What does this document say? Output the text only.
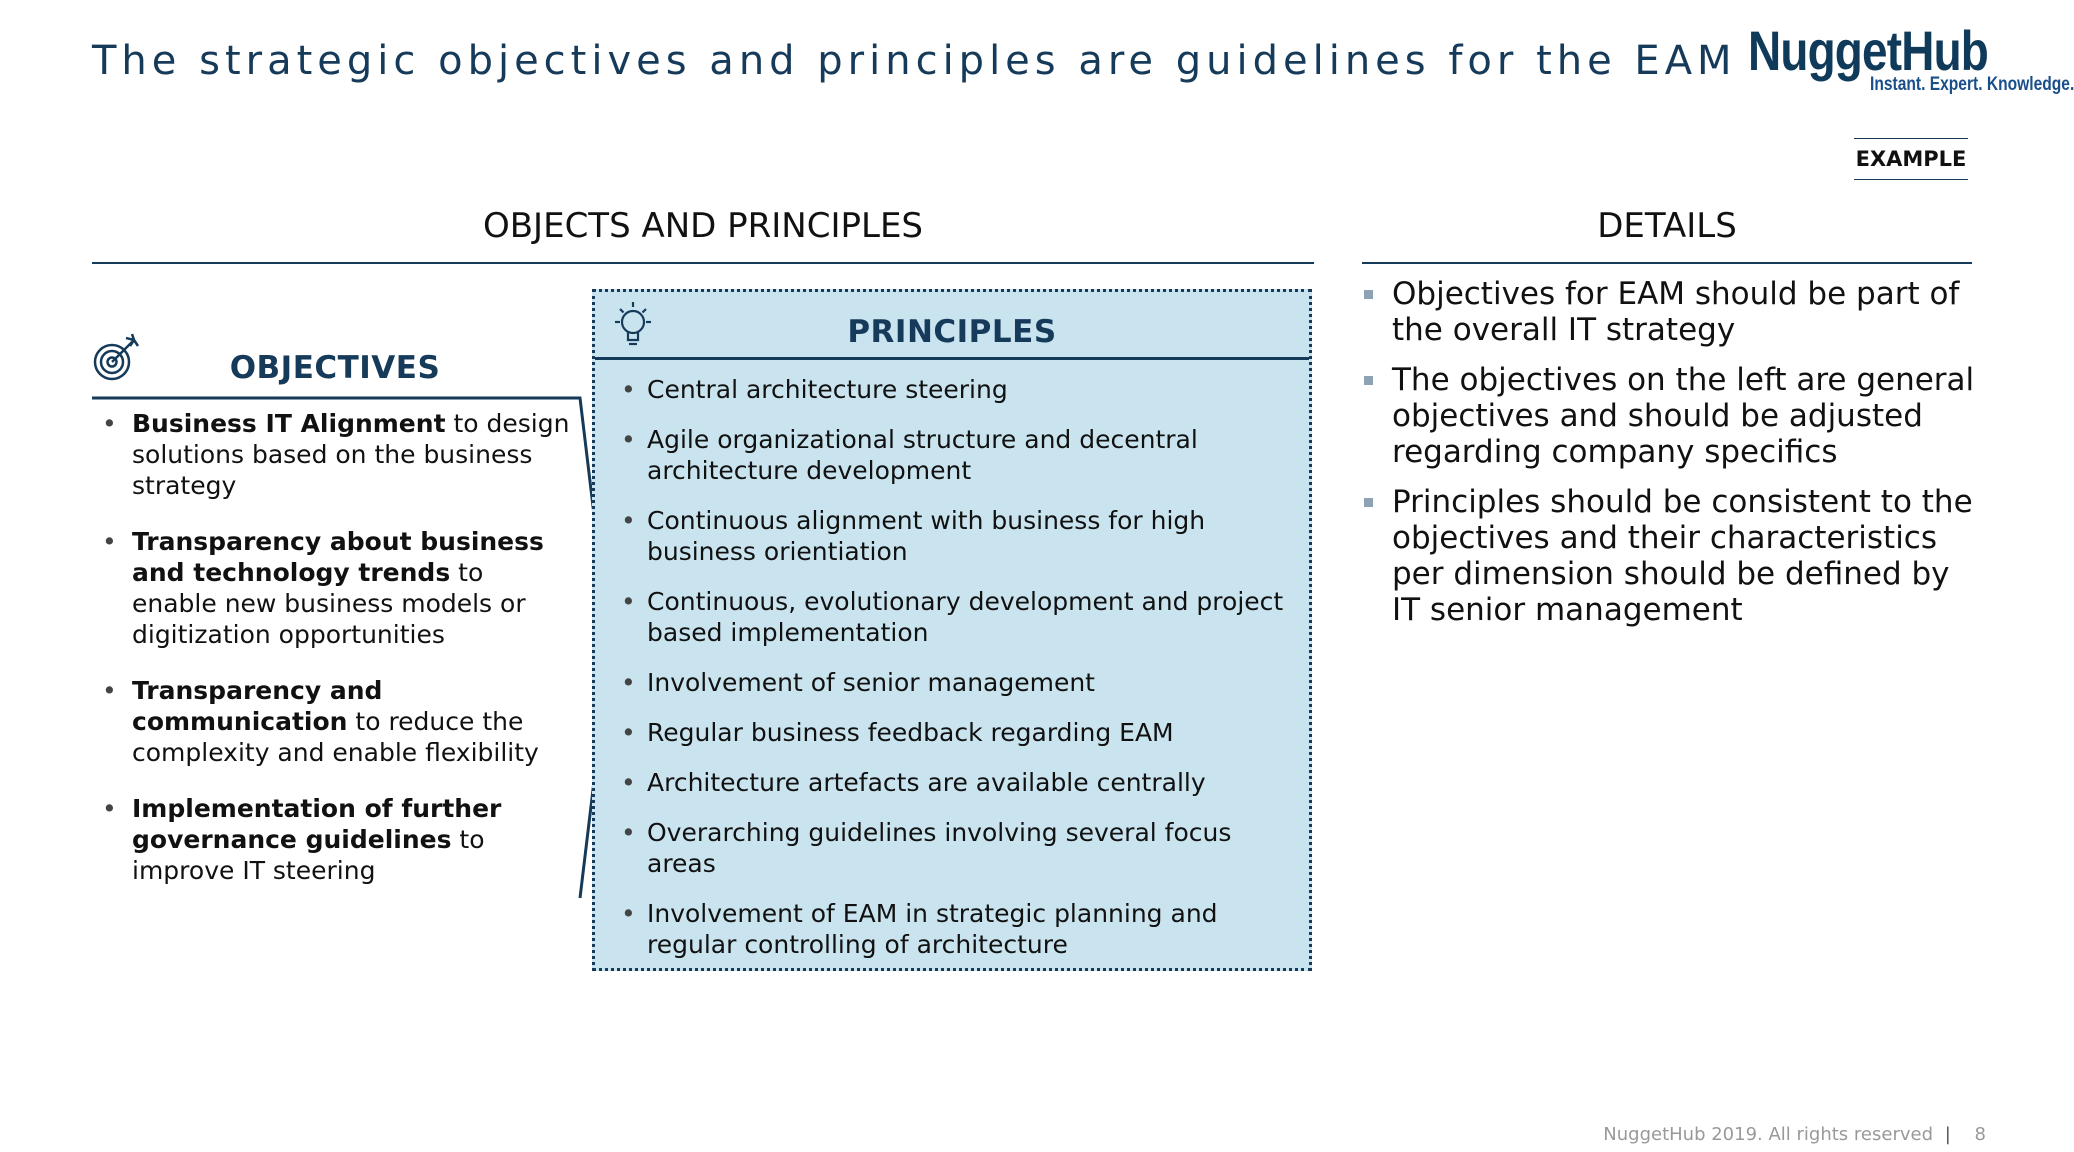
The strategic objectives and principles are guidelines for the EAM NuggetHub
Instant. Expert. Knowledge.
EXAMPLE
OBJECTS AND PRINCIPLES	DETAILS
OBJECTIVES
• Business IT Alignment to design solutions based on the business strategy
• Transparency about business and technology trends to enable new business models or digitization opportunities
• Transparency and communication to reduce the complexity and enable flexibility
• Implementation of further governance guidelines to improve IT steering
PRINCIPLES
• Central architecture steering
• Agile organizational structure and decentral architecture development
• Continuous alignment with business for high business orientiation
• Continuous, evolutionary development and project based implementation
• Involvement of senior management
• Regular business feedback regarding EAM
• Architecture artefacts are available centrally
• Overarching guidelines involving several focus areas
• Involvement of EAM in strategic planning and regular controlling of architecture
Objectives for EAM should be part of the overall IT strategy
The objectives on the left are general objectives and should be adjusted regarding company specifics
Principles should be consistent to the objectives and their characteristics per dimension should be defined by IT senior management
NuggetHub 2019. All rights reserved | 8
